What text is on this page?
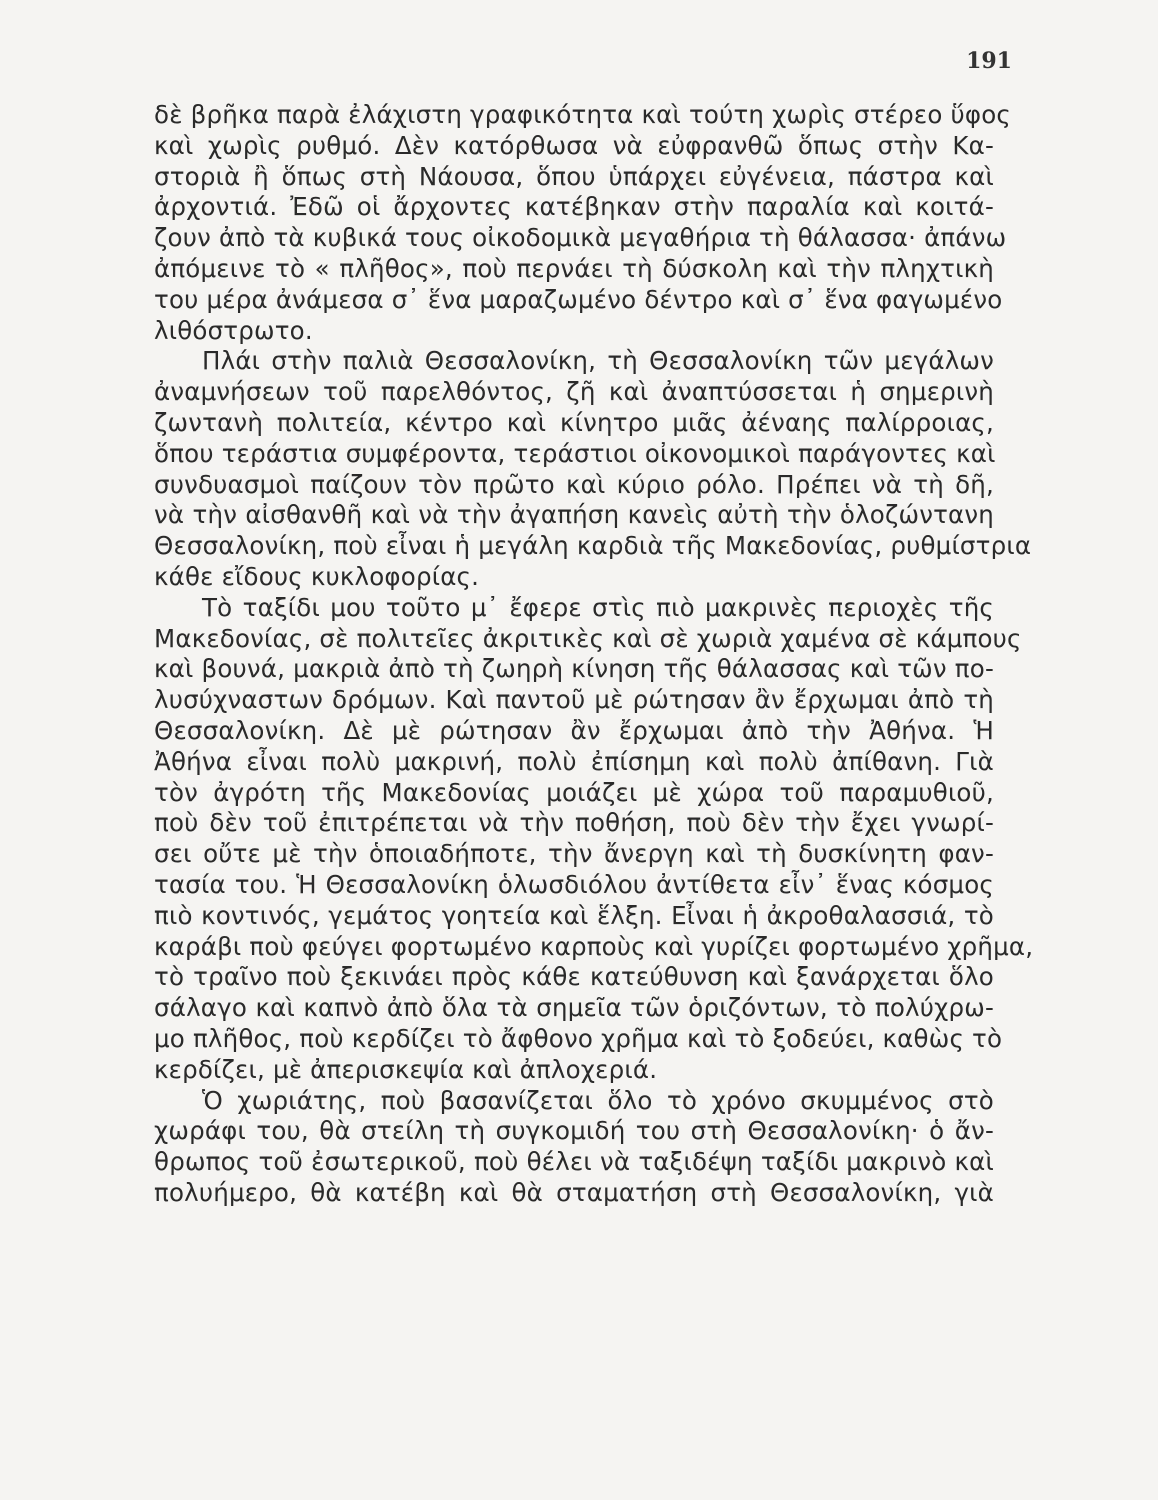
191
δὲ βρῆκα παρὰ ἐλάχιστη γραφικότητα καὶ τούτη χωρὶς στέρεο ὕφος
καὶ χωρὶς ρυθμό. Δὲν κατόρθωσα νὰ εὐφρανθῶ ὅπως στὴν Κα-
στοριὰ ἢ ὅπως στὴ Νάουσα, ὅπου ὑπάρχει εὐγένεια, πάστρα καὶ
ἀρχοντιά. Ἐδῶ οἱ ἄρχοντες κατέβηκαν στὴν παραλία καὶ κοιτά-
ζουν ἀπὸ τὰ κυβικά τους οἰκοδομικὰ μεγαθήρια τὴ θάλασσα· ἀπάνω
ἀπόμεινε τὸ « πλῆθος», ποὺ περνάει τὴ δύσκολη καὶ τὴν πληχτικὴ
του μέρα ἀνάμεσα σ᾽ ἕνα μαραζωμένο δέντρο καὶ σ᾽ ἕνα φαγωμένο
λιθόστρωτο.
Πλάι στὴν παλιὰ Θεσσαλονίκη, τὴ Θεσσαλονίκη τῶν μεγάλων
ἀναμνήσεων τοῦ παρελθόντος, ζῆ καὶ ἀναπτύσσεται ἡ σημερινὴ
ζωντανὴ πολιτεία, κέντρο καὶ κίνητρο μιᾶς ἀέναης παλίρροιας,
ὅπου τεράστια συμφέροντα, τεράστιοι οἰκονομικοὶ παράγοντες καὶ
συνδυασμοὶ παίζουν τὸν πρῶτο καὶ κύριο ρόλο. Πρέπει νὰ τὴ δῆ,
νὰ τὴν αἰσθανθῆ καὶ νὰ τὴν ἀγαπήση κανεὶς αὐτὴ τὴν ὁλοζώντανη
Θεσσαλονίκη, ποὺ εἶναι ἡ μεγάλη καρδιὰ τῆς Μακεδονίας, ρυθμίστρια
κάθε εἴδους κυκλοφορίας.
Τὸ ταξίδι μου τοῦτο μ᾽ ἔφερε στὶς πιὸ μακρινὲς περιοχὲς τῆς
Μακεδονίας, σὲ πολιτεῖες ἀκριτικὲς καὶ σὲ χωριὰ χαμένα σὲ κάμπους
καὶ βουνά, μακριὰ ἀπὸ τὴ ζωηρὴ κίνηση τῆς θάλασσας καὶ τῶν πο-
λυσύχναστων δρόμων. Καὶ παντοῦ μὲ ρώτησαν ἂν ἔρχωμαι ἀπὸ τὴ
Θεσσαλονίκη. Δὲ μὲ ρώτησαν ἂν ἔρχωμαι ἀπὸ τὴν Ἀθήνα. Ἡ
Ἀθήνα εἶναι πολὺ μακρινή, πολὺ ἐπίσημη καὶ πολὺ ἀπίθανη. Γιὰ
τὸν ἀγρότη τῆς Μακεδονίας μοιάζει μὲ χώρα τοῦ παραμυθιοῦ,
ποὺ δὲν τοῦ ἐπιτρέπεται νὰ τὴν ποθήση, ποὺ δὲν τὴν ἔχει γνωρί-
σει οὔτε μὲ τὴν ὁποιαδήποτε, τὴν ἄνεργη καὶ τὴ δυσκίνητη φαν-
τασία του. Ἡ Θεσσαλονίκη ὁλωσδιόλου ἀντίθετα εἶν᾽ ἕνας κόσμος
πιὸ κοντινός, γεμάτος γοητεία καὶ ἕλξη. Εἶναι ἡ ἀκροθαλασσιά, τὸ
καράβι ποὺ φεύγει φορτωμένο καρποὺς καὶ γυρίζει φορτωμένο χρῆμα,
τὸ τραῖνο ποὺ ξεκινάει πρὸς κάθε κατεύθυνση καὶ ξανάρχεται ὅλο
σάλαγο καὶ καπνὸ ἀπὸ ὅλα τὰ σημεῖα τῶν ὁριζόντων, τὸ πολύχρω-
μο πλῆθος, ποὺ κερδίζει τὸ ἄφθονο χρῆμα καὶ τὸ ξοδεύει, καθὼς τὸ
κερδίζει, μὲ ἀπερισκεψία καὶ ἀπλοχεριά.
Ὁ χωριάτης, ποὺ βασανίζεται ὅλο τὸ χρόνο σκυμμένος στὸ
χωράφι του, θὰ στείλη τὴ συγκομιδή του στὴ Θεσσαλονίκη· ὁ ἄν-
θρωπος τοῦ ἐσωτερικοῦ, ποὺ θέλει νὰ ταξιδέψη ταξίδι μακρινὸ καὶ
πολυήμερο, θὰ κατέβη καὶ θὰ σταματήση στὴ Θεσσαλονίκη, γιὰ
